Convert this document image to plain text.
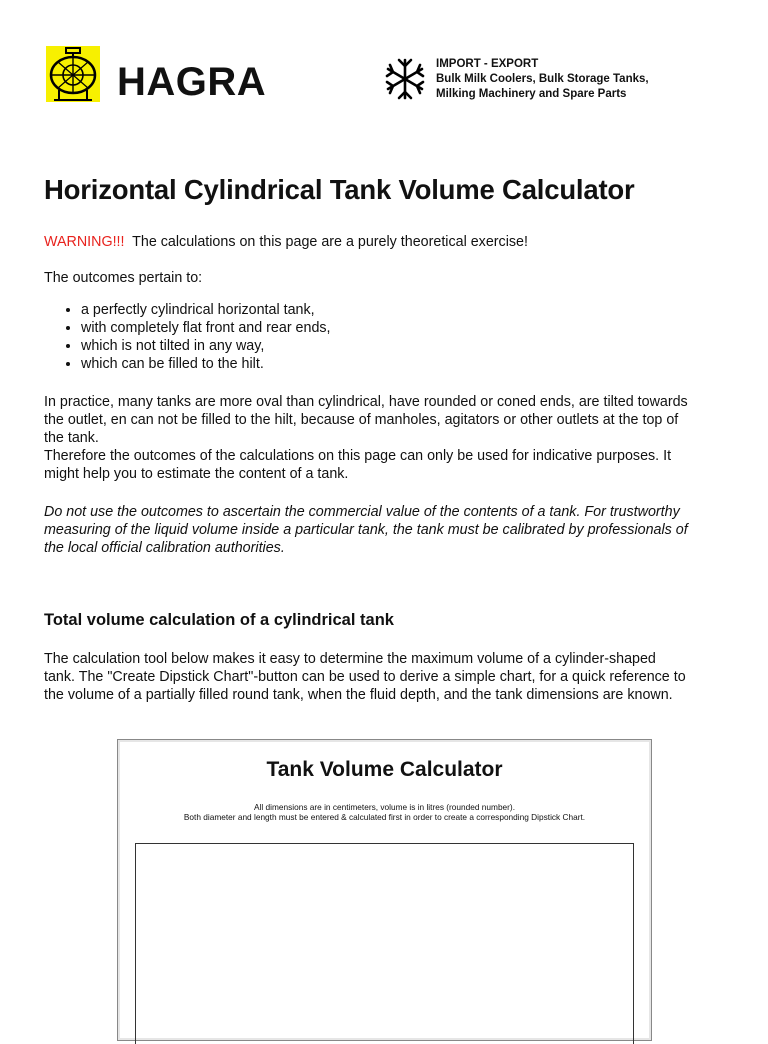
HAGRA	IMPORT - EXPORT
Bulk Milk Coolers, Bulk Storage Tanks,
Milking Machinery and Spare Parts
Horizontal Cylindrical Tank Volume Calculator

WARNING!!! The calculations on this page are a purely theoretical exercise!

The outcomes pertain to:

• a perfectly cylindrical horizontal tank,
• with completely flat front and rear ends,
• which is not tilted in any way,
• which can be filled to the hilt.
In practice, many tanks are more oval than cylindrical, have rounded or coned ends, are tilted towards
the outlet, en can not be filled to the hilt, because of manholes, agitators or other outlets at the top of
the tank.
Therefore the outcomes of the calculations on this page can only be used for indicative purposes. It
might help you to estimate the content of a tank.
Do not use the outcomes to ascertain the commercial value of the contents of a tank. For trustworthy
measuring of the liquid volume inside a particular tank, the tank must be calibrated by professionals of
the local official calibration authorities.
Total volume calculation of a cylindrical tank
The calculation tool below makes it easy to determine the maximum volume of a cylinder-shaped
tank. The "Create Dipstick Chart"-button can be used to derive a simple chart, for a quick reference to
the volume of a partially filled round tank, when the fluid depth, and the tank dimensions are known.
Tank Volume Calculator
All dimensions are in centimeters, volume is in litres (rounded number).
Both diameter and length must be entered & calculated first in order to create a corresponding Dipstick Chart.
